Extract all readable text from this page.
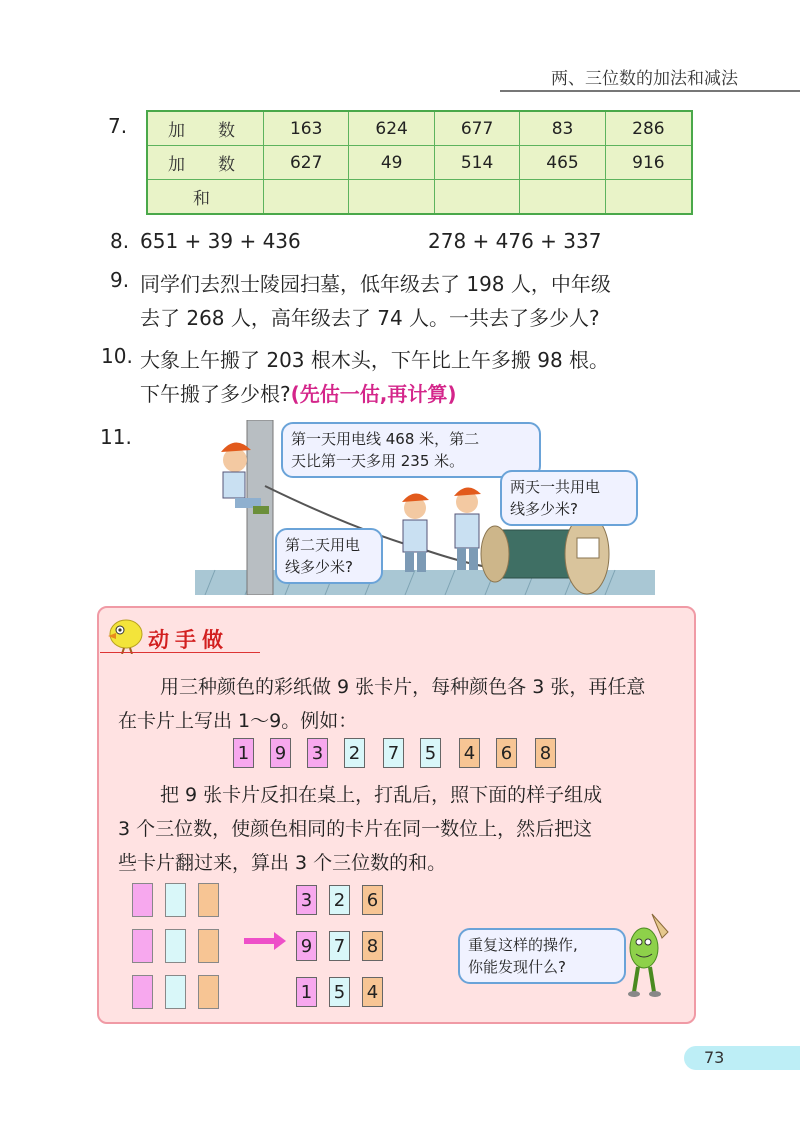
两、三位数的加法和减法
7. 加　数	163	624	677	83	286
加　数	627	49	514	465	916
和					
8. 651 + 39 + 436	278 + 476 + 337
9. 同学们去烈士陵园扫墓，低年级去了 198 人，中年级
去了 268 人，高年级去了 74 人。一共去了多少人?
10. 大象上午搬了 203 根木头，下午比上午多搬 98 根。
下午搬了多少根?(先估一估,再计算)
11.	第一天用电线 468 米，第二
天比第一天多用 235 米。
两天一共用电
线多少米?
第二天用电
线多少米?
动手做
用三种颜色的彩纸做 9 张卡片，每种颜色各 3 张，再任意
在卡片上写出 1～9。例如：
1 9 3 2 7 5 4 6 8
把 9 张卡片反扣在桌上，打乱后，照下面的样子组成
3 个三位数，使颜色相同的卡片在同一数位上，然后把这
些卡片翻过来，算出 3 个三位数的和。
3 2 6
9 7 8
1 5 4
重复这样的操作,
你能发现什么?
73
